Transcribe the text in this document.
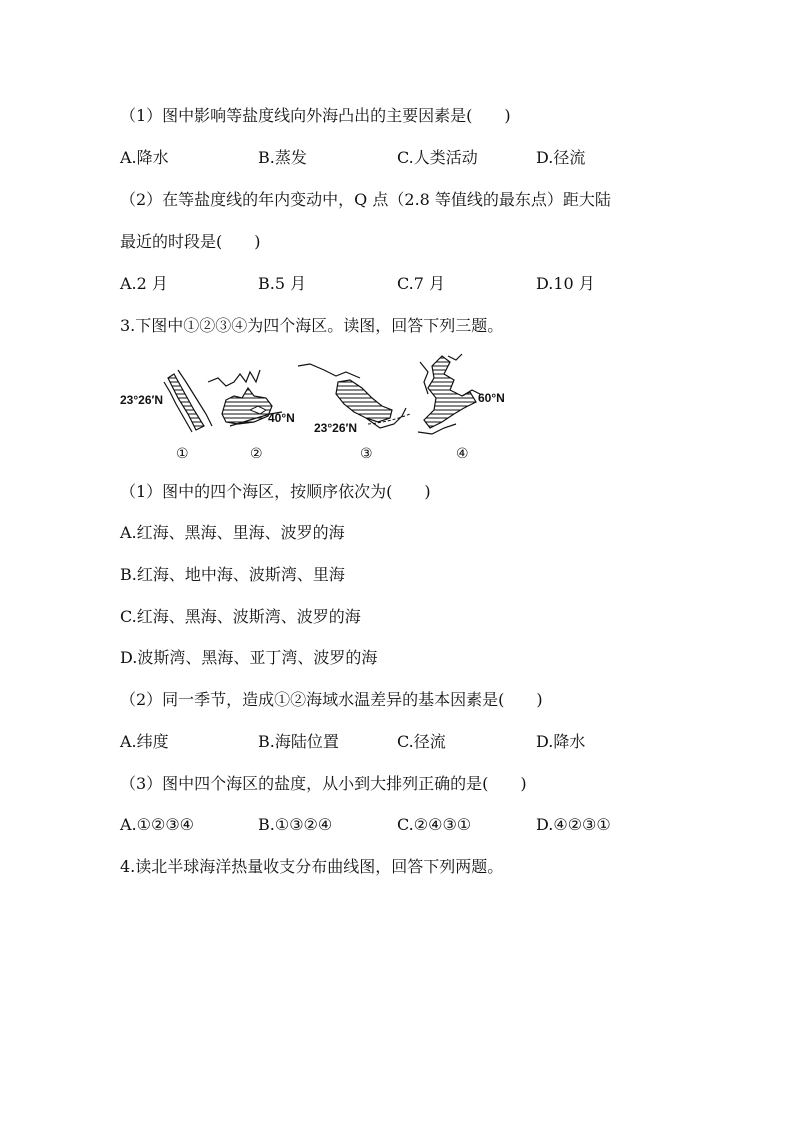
（1）图中影响等盐度线向外海凸出的主要因素是(　　)
A.降水	B.蒸发	C.人类活动	D.径流
（2）在等盐度线的年内变动中，Q 点（2.8 等值线的最东点）距大陆
最近的时段是(　　)
A.2 月	B.5 月	C.7 月	D.10 月
3.下图中①②③④为四个海区。读图，回答下列三题。
23°26′N
40°N
23°26′N
60°N
①	②	③	④
（1）图中的四个海区，按顺序依次为(　　)
A.红海、黑海、里海、波罗的海
B.红海、地中海、波斯湾、里海
C.红海、黑海、波斯湾、波罗的海
D.波斯湾、黑海、亚丁湾、波罗的海
（2）同一季节，造成①②海域水温差异的基本因素是(　　)
A.纬度	B.海陆位置	C.径流	D.降水
（3）图中四个海区的盐度，从小到大排列正确的是(　　)
A.①②③④	B.①③②④	C.②④③①	D.④②③①
4.读北半球海洋热量收支分布曲线图，回答下列两题。
